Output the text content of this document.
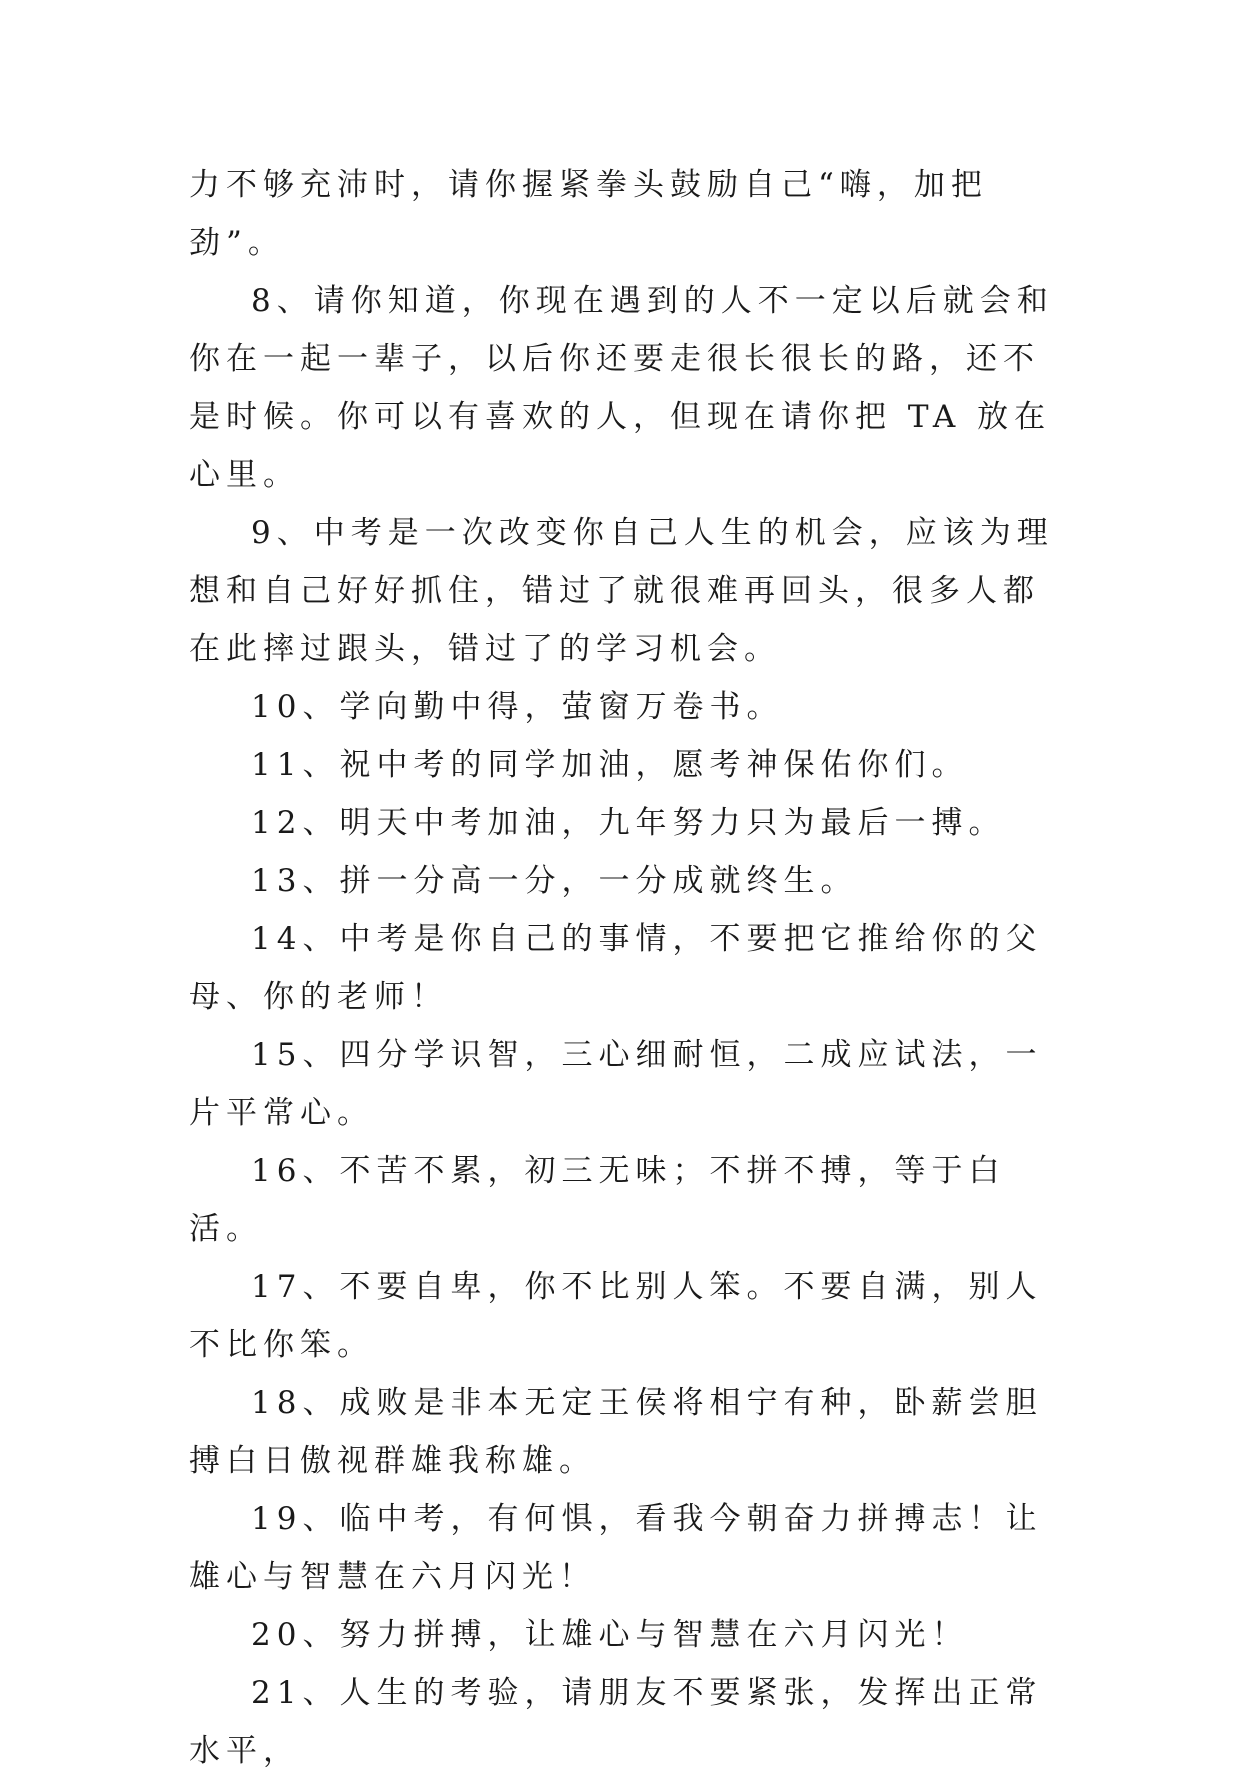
力不够充沛时，请你握紧拳头鼓励自己“嗨，加把劲”。

8、请你知道，你现在遇到的人不一定以后就会和你在一起一辈子，以后你还要走很长很长的路，还不是时候。你可以有喜欢的人，但现在请你把 TA 放在心里。

9、中考是一次改变你自己人生的机会，应该为理想和自己好好抓住，错过了就很难再回头，很多人都在此摔过跟头，错过了的学习机会。

10、学向勤中得，萤窗万卷书。

11、祝中考的同学加油，愿考神保佑你们。

12、明天中考加油，九年努力只为最后一搏。

13、拼一分高一分，一分成就终生。

14、中考是你自己的事情，不要把它推给你的父母、你的老师！

15、四分学识智，三心细耐恒，二成应试法，一片平常心。

16、不苦不累，初三无味；不拼不搏，等于白活。

17、不要自卑，你不比别人笨。不要自满，别人不比你笨。

18、成败是非本无定王侯将相宁有种，卧薪尝胆搏白日傲视群雄我称雄。

19、临中考，有何惧，看我今朝奋力拼搏志！让雄心与智慧在六月闪光！

20、努力拼搏，让雄心与智慧在六月闪光！

21、人生的考验，请朋友不要紧张，发挥出正常水平，
